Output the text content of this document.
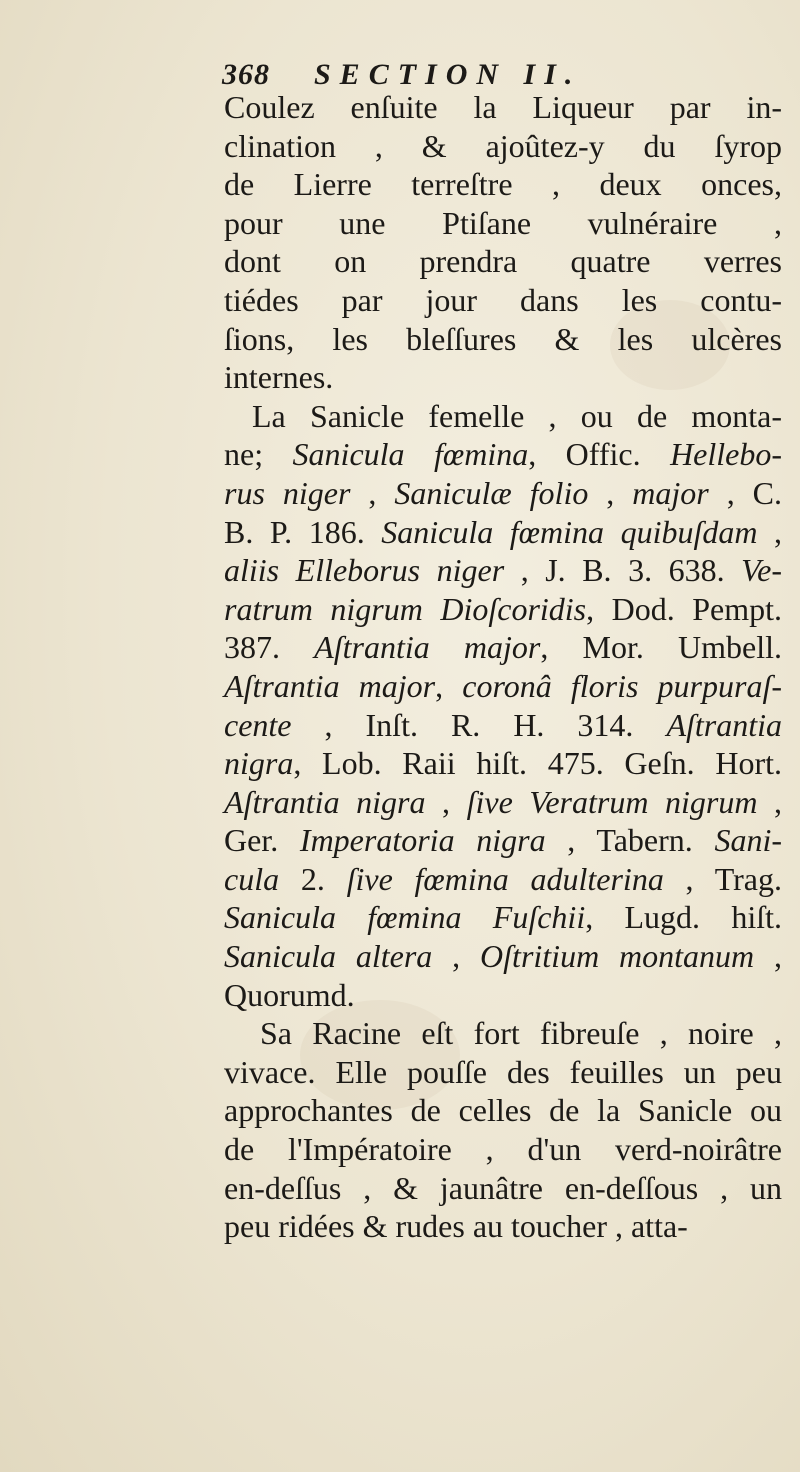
368 SECTION II.
Coulez enſuite la Liqueur par in-
clination , & ajoûtez-y du ſyrop
de Lierre terreſtre , deux onces,
pour une Ptiſane vulnéraire ,
dont on prendra quatre verres
tiédes par jour dans les contu-
ſions, les bleſſures & les ulcères
internes.
La Sanicle femelle , ou de monta-
ne; Sanicula fœmina, Offic. Hellebo-
rus niger , Saniculæ folio , major , C.
B. P. 186. Sanicula fœmina quibuſdam ,
aliis Elleborus niger , J. B. 3. 638. Ve-
ratrum nigrum Dioſcoridis, Dod. Pempt.
387. Aſtrantia major, Mor. Umbell.
Aſtrantia major, coronâ floris purpuraſ-
cente , Inſt. R. H. 314. Aſtrantia
nigra, Lob. Raii hiſt. 475. Geſn. Hort.
Aſtrantia nigra , ſive Veratrum nigrum ,
Ger. Imperatoria nigra , Tabern. Sani-
cula 2. ſive fœmina adulterina , Trag.
Sanicula fœmina Fuſchii, Lugd. hiſt.
Sanicula altera , Oſtritium montanum ,
Quorumd.
Sa Racine eſt fort fibreuſe , noire ,
vivace. Elle pouſſe des feuilles un peu
approchantes de celles de la Sanicle ou
de l'Impératoire , d'un verd-noirâtre
en-deſſus , & jaunâtre en-deſſous , un
peu ridées & rudes au toucher , atta-
